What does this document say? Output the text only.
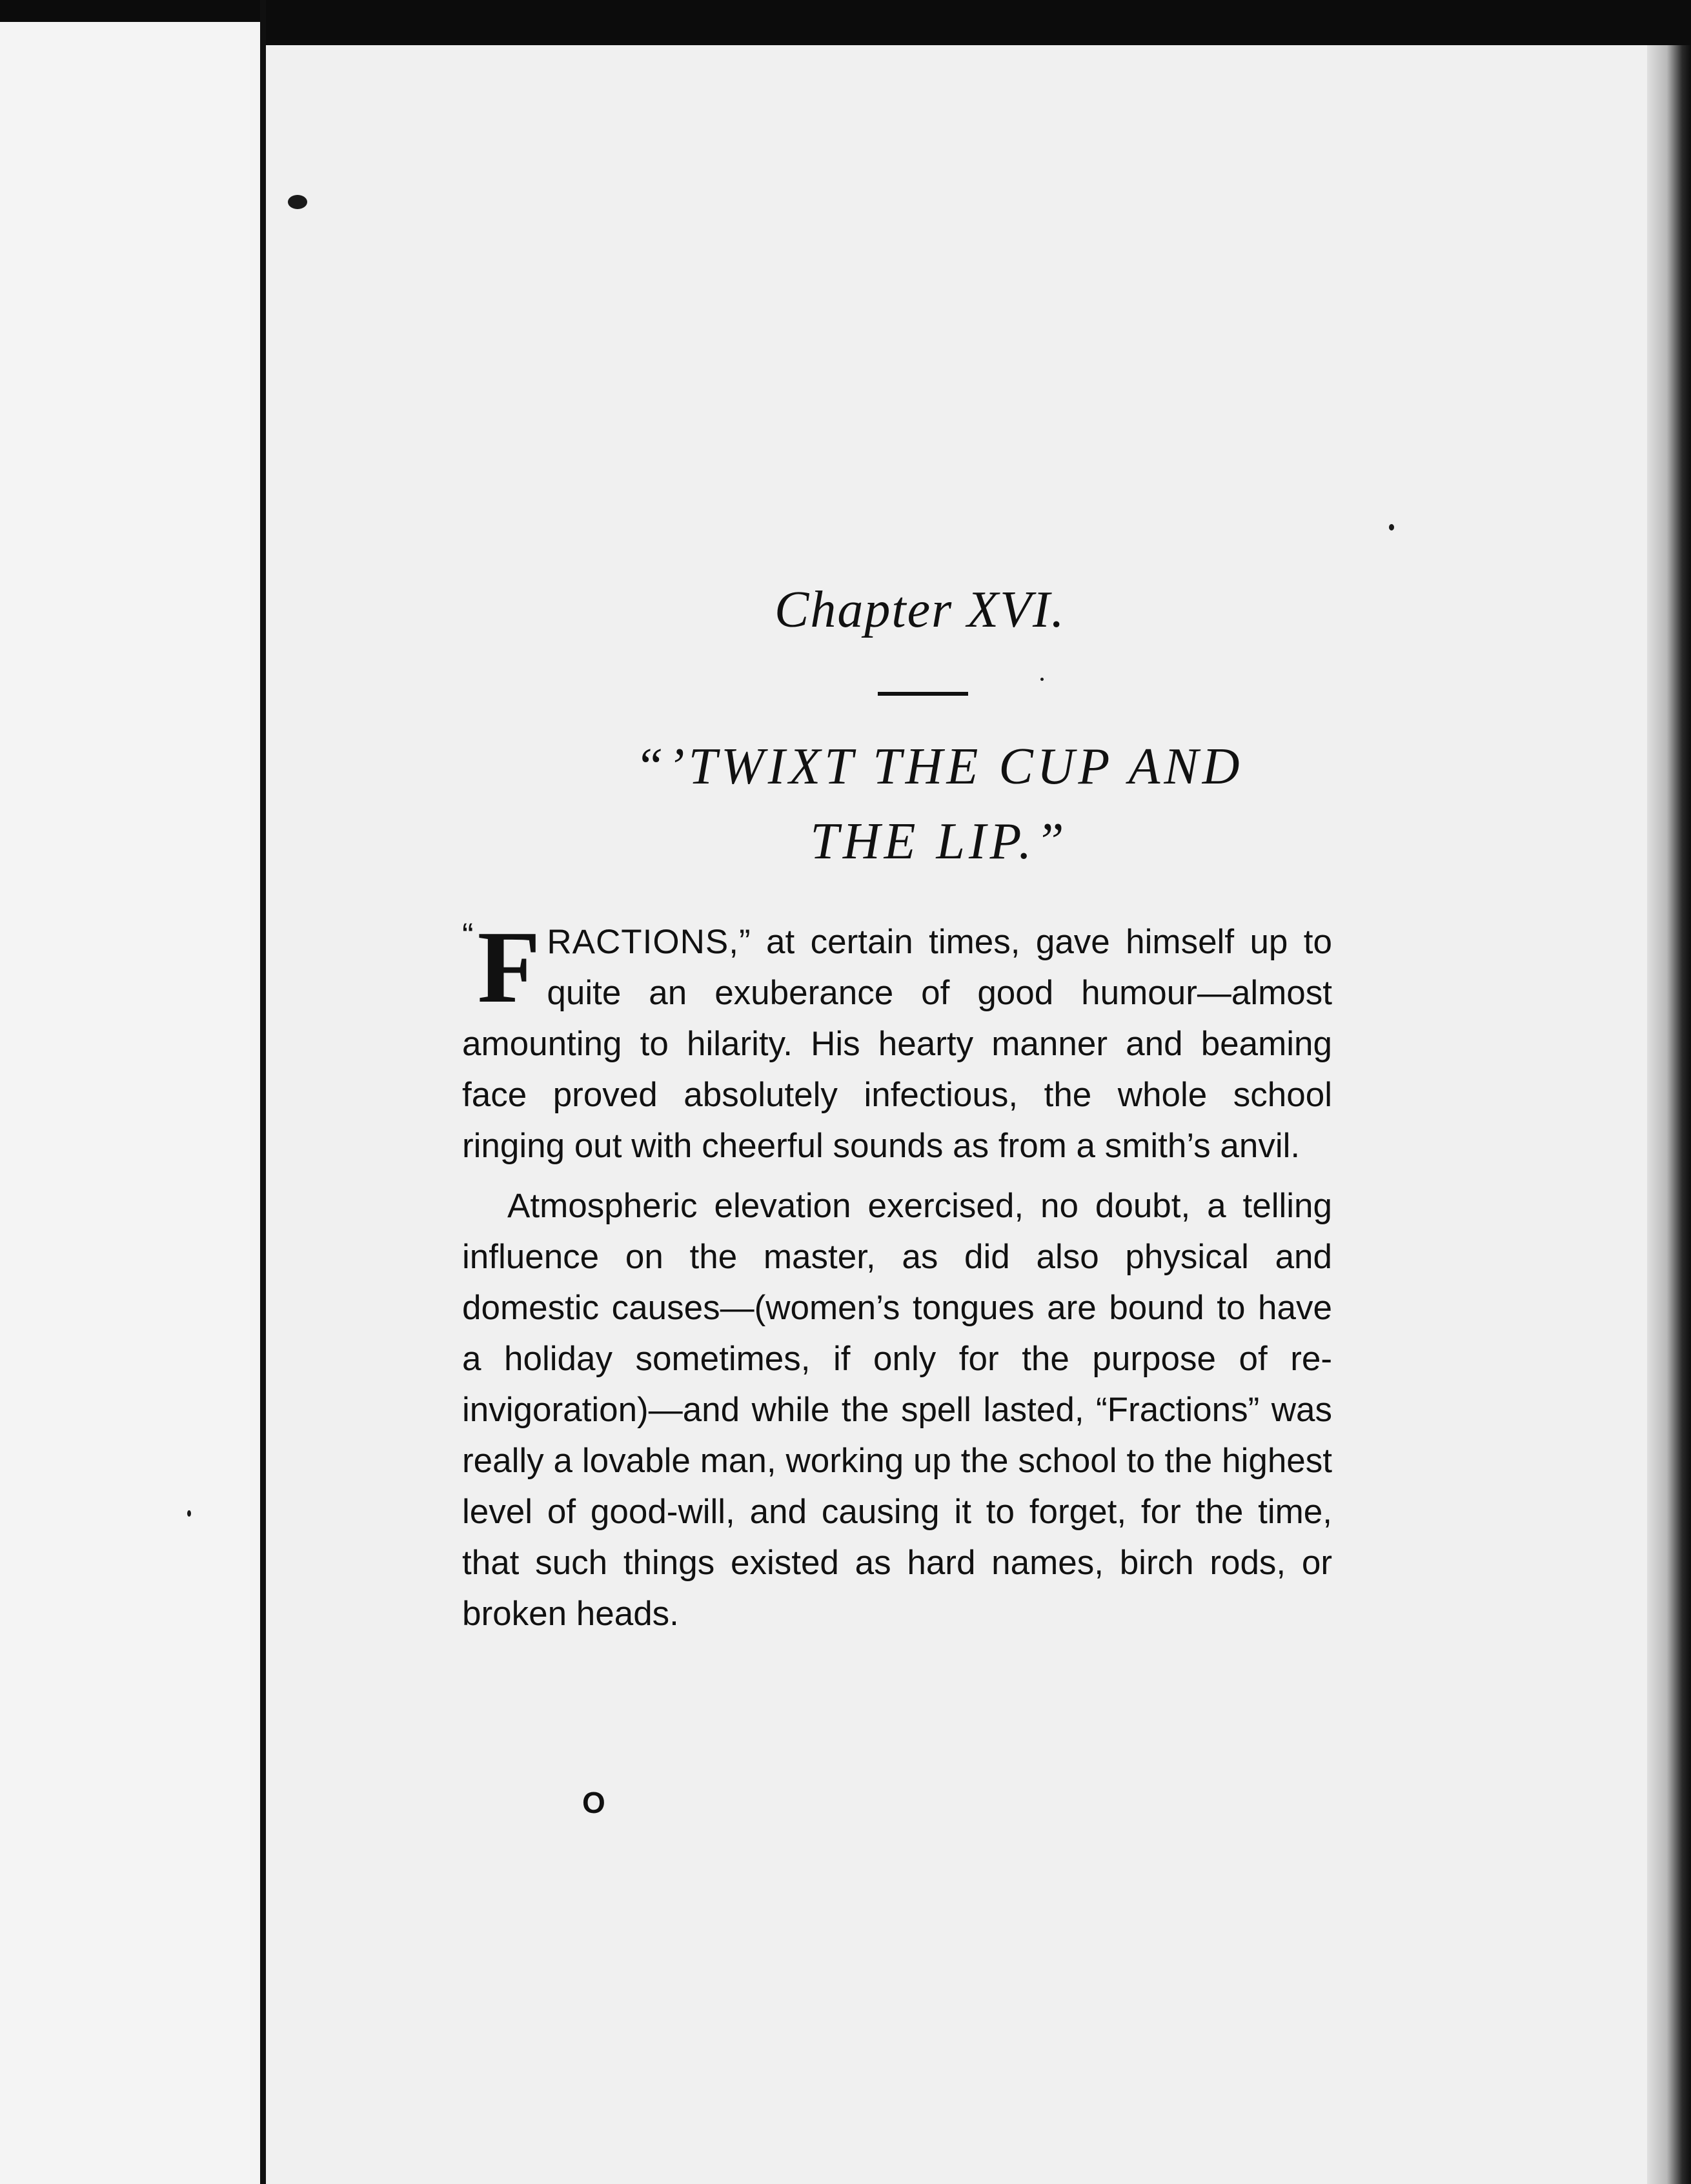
Chapter XVI.
“’TWIXT THE CUP AND
THE LIP.”

“ F RACTIONS,” at certain times, gave himself up to quite an exuberance of good humour—almost amounting to hilarity. His hearty manner and beaming face proved absolutely infectious, the whole school ringing out with cheerful sounds as from a smith’s anvil.

Atmospheric elevation exercised, no doubt, a telling influence on the master, as did also physical and domestic causes—(women’s tongues are bound to have a holiday sometimes, if only for the purpose of re-invigoration)—and while the spell lasted, “Fractions” was really a lovable man, working up the school to the highest level of good-will, and causing it to forget, for the time, that such things existed as hard names, birch rods, or broken heads.

O
